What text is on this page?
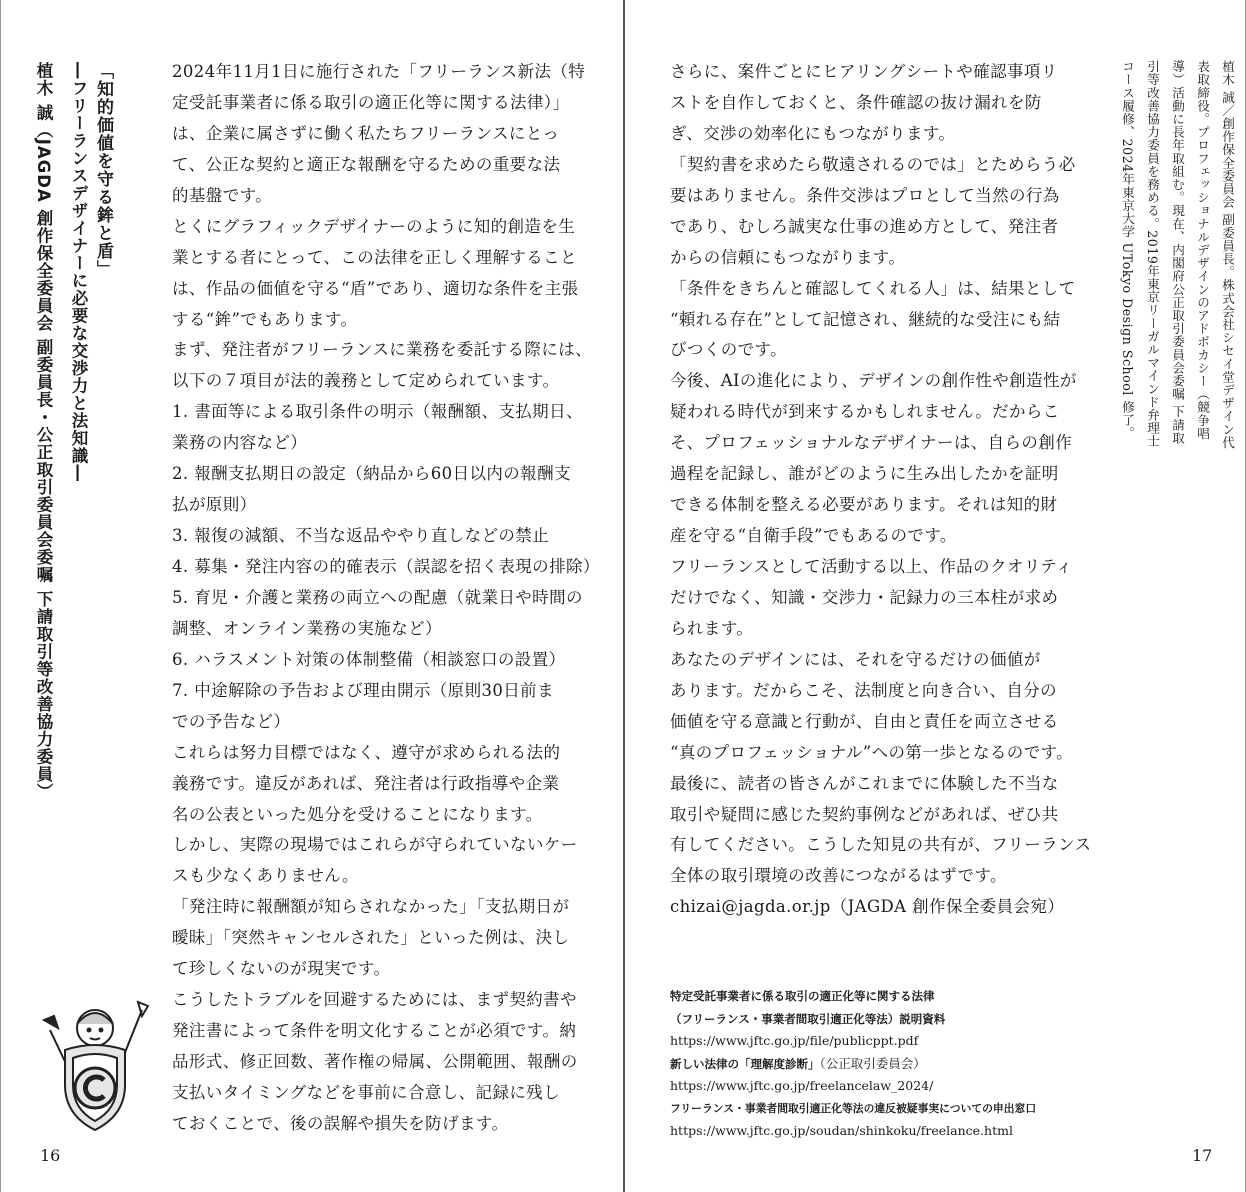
「知的価値を守る鉾と盾」
―フリーランスデザイナーに必要な交渉力と法知識―
植木 誠（JAGDA 創作保全委員会 副委員長・公正取引委員会委嘱 下請取引等改善協力委員）	2024年11月1日に施行された「フリーランス新法（特
定受託事業者に係る取引の適正化等に関する法律）」
は、企業に属さずに働く私たちフリーランスにとっ
て、公正な契約と適正な報酬を守るための重要な法
的基盤です。
とくにグラフィックデザイナーのように知的創造を生
業とする者にとって、この法律を正しく理解すること
は、作品の価値を守る“盾”であり、適切な条件を主張
する“鉾”でもあります。
まず、発注者がフリーランスに業務を委託する際には、
以下の７項目が法的義務として定められています。
1. 書面等による取引条件の明示（報酬額、支払期日、
業務の内容など）
2. 報酬支払期日の設定（納品から60日以内の報酬支
払が原則）
3. 報復の減額、不当な返品ややり直しなどの禁止
4. 募集・発注内容の的確表示（誤認を招く表現の排除）
5. 育児・介護と業務の両立への配慮（就業日や時間の
調整、オンライン業務の実施など）
6. ハラスメント対策の体制整備（相談窓口の設置）
7. 中途解除の予告および理由開示（原則30日前ま
での予告など）
これらは努力目標ではなく、遵守が求められる法的
義務です。違反があれば、発注者は行政指導や企業
名の公表といった処分を受けることになります。
しかし、実際の現場ではこれらが守られていないケー
スも少なくありません。
「発注時に報酬額が知らされなかった」「支払期日が
曖昧」「突然キャンセルされた」といった例は、決し
て珍しくないのが現実です。
こうしたトラブルを回避するためには、まず契約書や
発注書によって条件を明文化することが必須です。納
品形式、修正回数、著作権の帰属、公開範囲、報酬の
支払いタイミングなどを事前に合意し、記録に残し
ておくことで、後の誤解や損失を防げます。
さらに、案件ごとにヒアリングシートや確認事項リ
ストを自作しておくと、条件確認の抜け漏れを防
ぎ、交渉の効率化にもつながります。
「契約書を求めたら敬遠されるのでは」とためらう必
要はありません。条件交渉はプロとして当然の行為
であり、むしろ誠実な仕事の進め方として、発注者
からの信頼にもつながります。
「条件をきちんと確認してくれる人」は、結果として
“頼れる存在”として記憶され、継続的な受注にも結
びつくのです。
今後、AIの進化により、デザインの創作性や創造性が
疑われる時代が到来するかもしれません。だからこ
そ、プロフェッショナルなデザイナーは、自らの創作
過程を記録し、誰がどのように生み出したかを証明
できる体制を整える必要があります。それは知的財
産を守る“自衛手段”でもあるのです。
フリーランスとして活動する以上、作品のクオリティ
だけでなく、知識・交渉力・記録力の三本柱が求め
られます。
あなたのデザインには、それを守るだけの価値が
あります。だからこそ、法制度と向き合い、自分の
価値を守る意識と行動が、自由と責任を両立させる
“真のプロフェッショナル”への第一歩となるのです。
最後に、読者の皆さんがこれまでに体験した不当な
取引や疑問に感じた契約事例などがあれば、ぜひ共
有してください。こうした知見の共有が、フリーランス
全体の取引環境の改善につながるはずです。
chizai@jagda.or.jp（JAGDA 創作保全委員会宛）
植木 誠／創作保全委員会 副委員長。株式会社シセイ堂デザイン代表取締役。プロフェッショナルデザインのアドボカシー（競争唱導）活動に長年取組む。現在、内閣府公正取引委員会委嘱 下請取引等改善協力委員を務める。2019年東京リーガルマインド弁理士コース履修、2024年東京大学 UTokyo Design School 修了。
特定受託事業者に係る取引の適正化等に関する法律
（フリーランス・事業者間取引適正化等法）説明資料
https://www.jftc.go.jp/file/publicppt.pdf
新しい法律の「理解度診断」（公正取引委員会）
https://www.jftc.go.jp/freelancelaw_2024/
フリーランス・事業者間取引適正化等法の違反被疑事実についての申出窓口
https://www.jftc.go.jp/soudan/shinkoku/freelance.html
16	17
